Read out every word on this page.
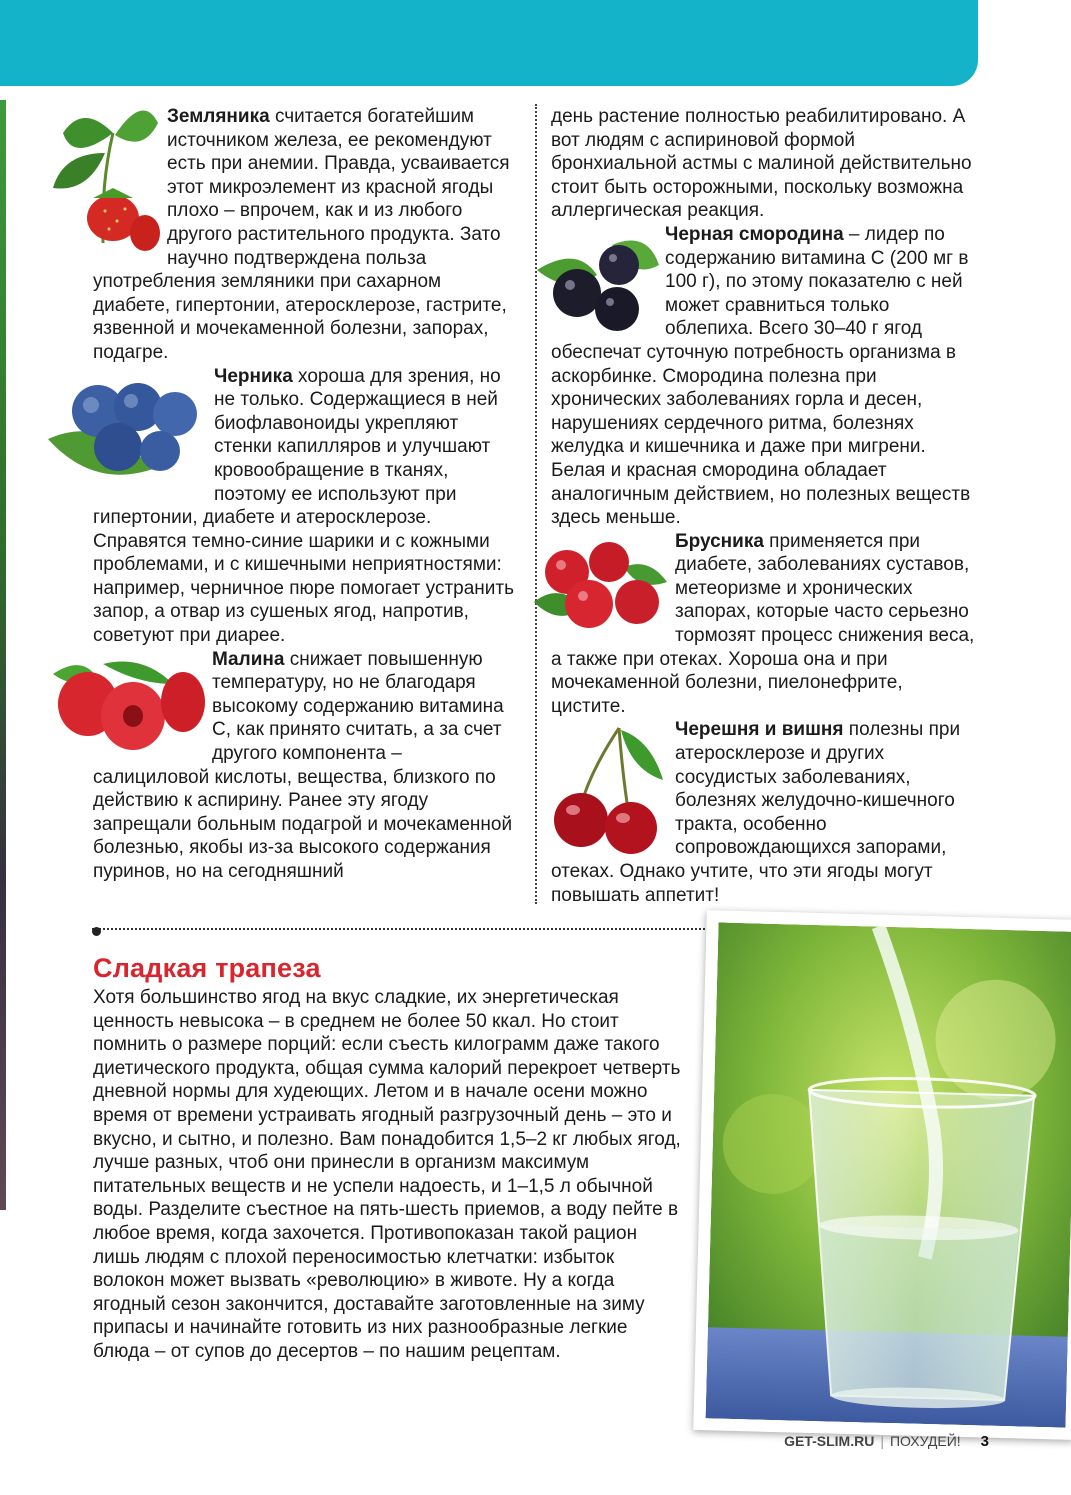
Земляника считается богатейшим источником железа, ее рекомендуют есть при анемии. Правда, усваивается этот микроэлемент из красной ягоды плохо – впрочем, как и из любого другого растительного продукта. Зато научно подтверждена польза употребления земляники при сахарном диабете, гипертонии, атеросклерозе, гастрите, язвенной и мочекаменной болезни, запорах, подагре.

Черника хороша для зрения, но не только. Содержащиеся в ней биофлавоноиды укрепляют стенки капилляров и улучшают кровообращение в тканях, поэтому ее используют при гипертонии, диабете и атеросклерозе. Справятся темно-синие шарики и с кожными проблемами, и с кишечными неприятностями: например, черничное пюре помогает устранить запор, а отвар из сушеных ягод, напротив, советуют при диарее.

Малина снижает повышенную температуру, но не благодаря высокому содержанию витамина С, как принято считать, а за счет другого компонента – салициловой кислоты, вещества, близкого по действию к аспирину. Ранее эту ягоду запрещали больным подагрой и мочекаменной болезнью, якобы из-за высокого содержания пуринов, но на сегодняшний

день растение полностью реабилитировано. А вот людям с аспириновой формой бронхиальной астмы с малиной действительно стоит быть осторожными, поскольку возможна аллергическая реакция.

Черная смородина – лидер по содержанию витамина С (200 мг в 100 г), по этому показателю с ней может сравниться только облепиха. Всего 30–40 г ягод обеспечат суточную потребность организма в аскорбинке. Смородина полезна при хронических заболеваниях горла и десен, нарушениях сердечного ритма, болезнях желудка и кишечника и даже при мигрени. Белая и красная смородина обладает аналогичным действием, но полезных веществ здесь меньше.

Брусника применяется при диабете, заболеваниях суставов, метеоризме и хронических запорах, которые часто серьезно тормозят процесс снижения веса, а также при отеках. Хороша она и при мочекаменной болезни, пиелонефрите, цистите.

Черешня и вишня полезны при атеросклерозе и других сосудистых заболеваниях, болезнях желудочно-кишечного тракта, особенно сопровождающихся запорами, отеках. Однако учтите, что эти ягоды могут повышать аппетит!

Сладкая трапеза

Хотя большинство ягод на вкус сладкие, их энергетическая ценность невысока – в среднем не более 50 ккал. Но стоит помнить о размере порций: если съесть килограмм даже такого диетического продукта, общая сумма калорий перекроет четверть дневной нормы для худеющих. Летом и в начале осени можно время от времени устраивать ягодный разгрузочный день – это и вкусно, и сытно, и полезно. Вам понадобится 1,5–2 кг любых ягод, лучше разных, чтоб они принесли в организм максимум питательных веществ и не успели надоесть, и 1–1,5 л обычной воды. Разделите съестное на пять-шесть приемов, а воду пейте в любое время, когда захочется. Противопоказан такой рацион лишь людям с плохой переносимостью клетчатки: избыток волокон может вызвать «революцию» в животе. Ну а когда ягодный сезон закончится, доставайте заготовленные на зиму припасы и начинайте готовить из них разнообразные легкие блюда – от супов до десертов – по нашим рецептам.

GET-SLIM.RU | ПОХУДЕЙ! 3
